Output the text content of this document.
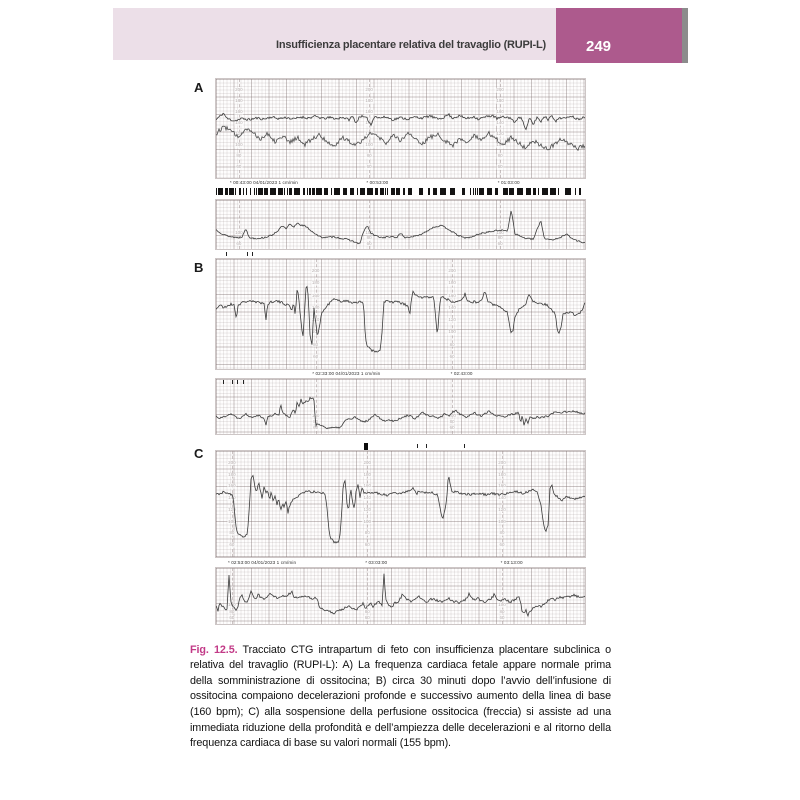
Insufficienza placentare relativa del travaglio (RUPI-L)	249
A	200
180
160
140
120
100
80
60
200
180
160
140
120
100
80
60
200
180
160
140
120
100
80
60
* 00:43:00 04/01/2023 1 cm/min	* 00:53:00	* 01:03:00
100
80
60
100
80
60
100
80
60
B	200
180
160
140
120
100
80
60
200
180
160
140
120
100
80
60
* 02:33:00 04/01/2023 1 cm/min	* 02:43:00
100
80
60
100
80
60
C
200
180
160
140
120
100
80
60
200
180
160
140
120
100
80
60
200
180
160
140
120
100
80
60
* 02:53:00 04/01/2023 1 cm/min	* 03:03:00	* 03:13:00
100
80
60
100
80
60
100
80
60

Fig. 12.5. Tracciato CTG intrapartum di feto con insufficienza placentare subclinica o relativa del travaglio (RUPI-L): A) La frequenza cardiaca fetale appare normale prima della somministrazione di ossitocina; B) circa 30 minuti dopo l’avvio dell’infusione di ossitocina compaiono decelerazioni profonde e successivo aumento della linea di base (160 bpm); C) alla sospensione della perfusione ossitocica (freccia) si assiste ad una immediata riduzione della profondità e dell’ampiezza delle decelerazioni e al ritorno della frequenza cardiaca di base su valori normali (155 bpm).
